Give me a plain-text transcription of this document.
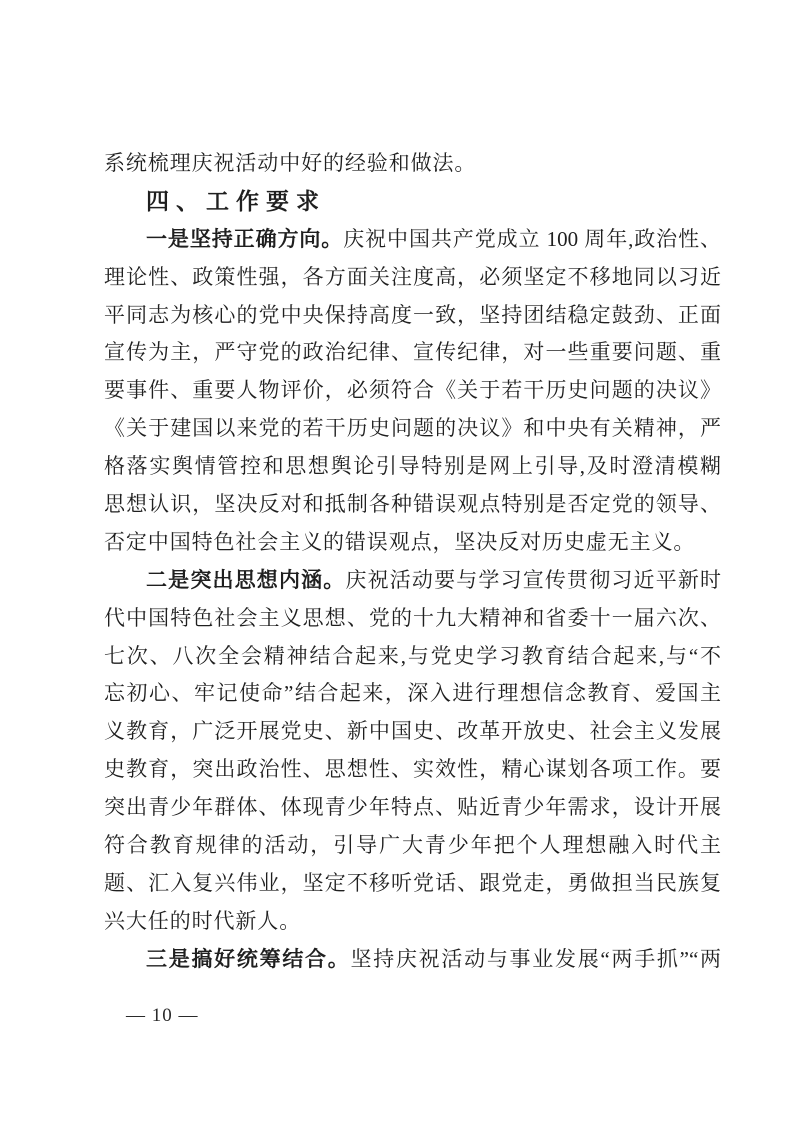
系统梳理庆祝活动中好的经验和做法。
四、工作要求
一是坚持正确方向。庆祝中国共产党成立 100 周年,政治性、
理论性、政策性强，各方面关注度高，必须坚定不移地同以习近
平同志为核心的党中央保持高度一致，坚持团结稳定鼓劲、正面
宣传为主，严守党的政治纪律、宣传纪律，对一些重要问题、重
要事件、重要人物评价，必须符合《关于若干历史问题的决议》
《关于建国以来党的若干历史问题的决议》和中央有关精神，严
格落实舆情管控和思想舆论引导特别是网上引导,及时澄清模糊
思想认识，坚决反对和抵制各种错误观点特别是否定党的领导、
否定中国特色社会主义的错误观点，坚决反对历史虚无主义。
二是突出思想内涵。庆祝活动要与学习宣传贯彻习近平新时
代中国特色社会主义思想、党的十九大精神和省委十一届六次、
七次、八次全会精神结合起来,与党史学习教育结合起来,与“不
忘初心、牢记使命”结合起来，深入进行理想信念教育、爱国主
义教育，广泛开展党史、新中国史、改革开放史、社会主义发展
史教育，突出政治性、思想性、实效性，精心谋划各项工作。要
突出青少年群体、体现青少年特点、贴近青少年需求，设计开展
符合教育规律的活动，引导广大青少年把个人理想融入时代主
题、汇入复兴伟业，坚定不移听党话、跟党走，勇做担当民族复
兴大任的时代新人。
三是搞好统筹结合。坚持庆祝活动与事业发展“两手抓”“两
— 10 —
